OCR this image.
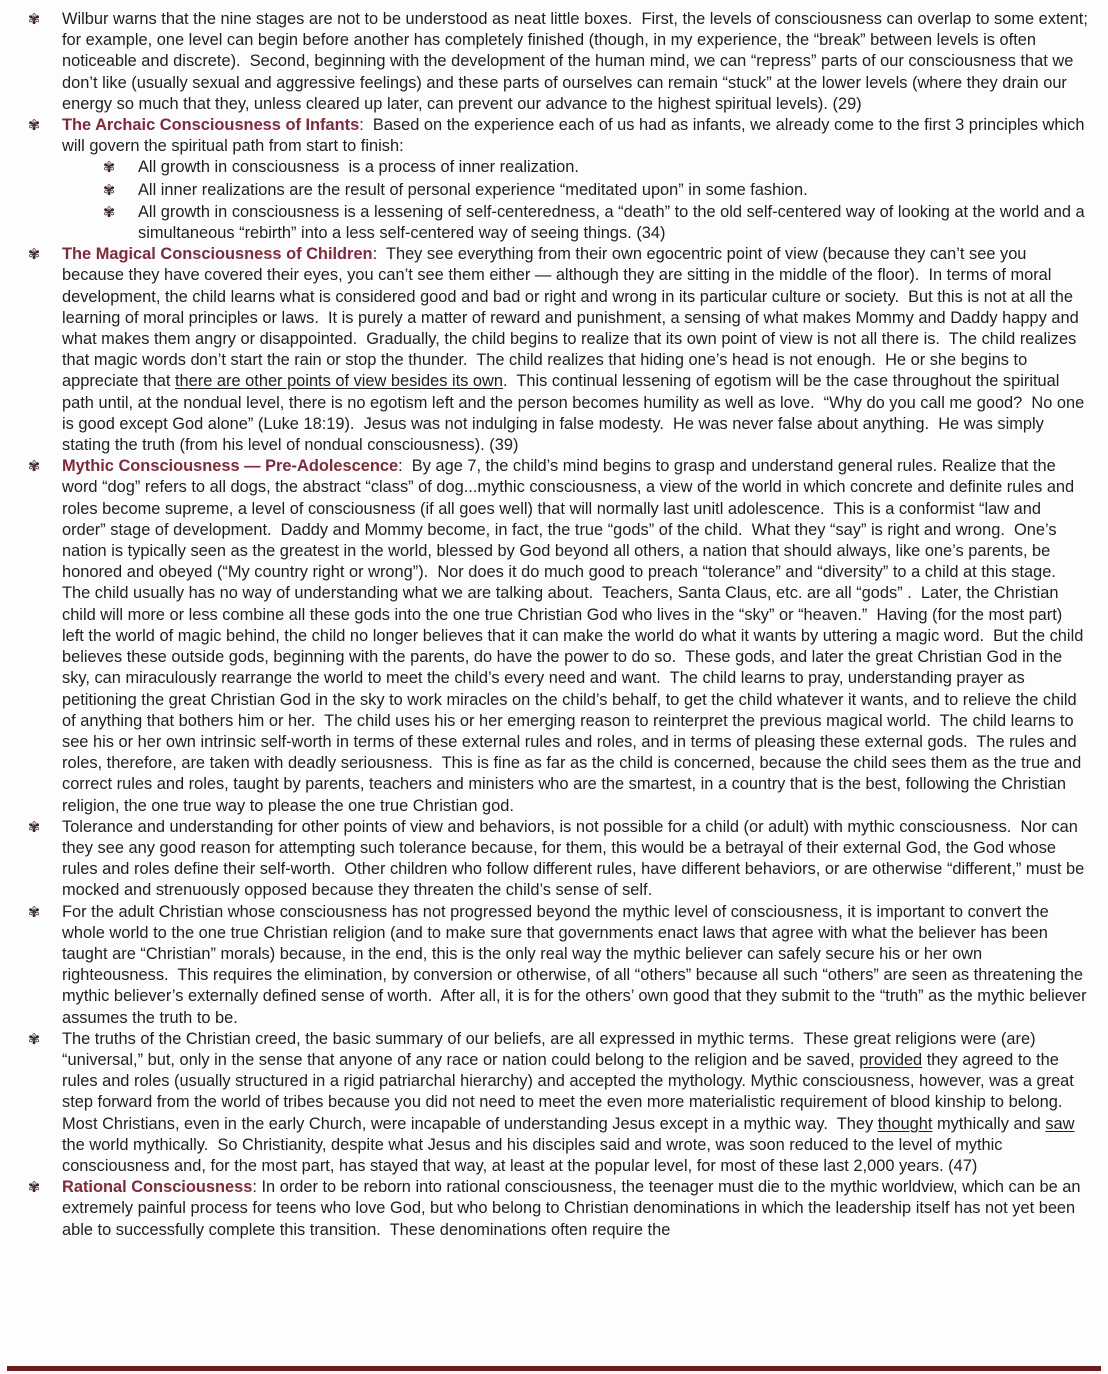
✾	Wilbur warns that the nine stages are not to be understood as neat little boxes.  First, the levels of consciousness can overlap to some extent; for example, one level can begin before another has completely finished (though, in my experience, the “break” between levels is often noticeable and discrete).  Second, beginning with the development of the human mind, we can “repress” parts of our consciousness that we don’t like (usually sexual and aggressive feelings) and these parts of ourselves can remain “stuck” at the lower levels (where they drain our energy so much that they, unless cleared up later, can prevent our advance to the highest spiritual levels). (29)
✾	The Archaic Consciousness of Infants:  Based on the experience each of us had as infants, we already come to the first 3 principles which will govern the spiritual path from start to finish:
✾	All growth in consciousness  is a process of inner realization.
✾	All inner realizations are the result of personal experience “meditated upon” in some fashion.
✾	All growth in consciousness is a lessening of self-centeredness, a “death” to the old self-centered way of looking at the world and a simultaneous “rebirth” into a less self-centered way of seeing things. (34)
✾	The Magical Consciousness of Children:  They see everything from their own egocentric point of view (because they can’t see you because they have covered their eyes, you can’t see them either — although they are sitting in the middle of the floor).  In terms of moral development, the child learns what is considered good and bad or right and wrong in its particular culture or society.  But this is not at all the learning of moral principles or laws.  It is purely a matter of reward and punishment, a sensing of what makes Mommy and Daddy happy and what makes them angry or disappointed.  Gradually, the child begins to realize that its own point of view is not all there is.  The child realizes that magic words don’t start the rain or stop the thunder.  The child realizes that hiding one’s head is not enough.  He or she begins to appreciate that there are other points of view besides its own.  This continual lessening of egotism will be the case throughout the spiritual path until, at the nondual level, there is no egotism left and the person becomes humility as well as love.  “Why do you call me good?  No one is good except God alone” (Luke 18:19).  Jesus was not indulging in false modesty.  He was never false about anything.  He was simply stating the truth (from his level of nondual consciousness). (39)
✾	Mythic Consciousness — Pre-Adolescence:  By age 7, the child’s mind begins to grasp and understand general rules. Realize that the word “dog” refers to all dogs, the abstract “class” of dog...mythic consciousness, a view of the world in which concrete and definite rules and roles become supreme, a level of consciousness (if all goes well) that will normally last unitl adolescence.  This is a conformist “law and order” stage of development.  Daddy and Mommy become, in fact, the true “gods” of the child.  What they “say” is right and wrong.  One’s nation is typically seen as the greatest in the world, blessed by God beyond all others, a nation that should always, like one’s parents, be honored and obeyed (“My country right or wrong”).  Nor does it do much good to preach “tolerance” and “diversity” to a child at this stage.  The child usually has no way of understanding what we are talking about.  Teachers, Santa Claus, etc. are all “gods” .  Later, the Christian child will more or less combine all these gods into the one true Christian God who lives in the “sky” or “heaven.”  Having (for the most part) left the world of magic behind, the child no longer believes that it can make the world do what it wants by uttering a magic word.  But the child believes these outside gods, beginning with the parents, do have the power to do so.  These gods, and later the great Christian God in the sky, can miraculously rearrange the world to meet the child’s every need and want.  The child learns to pray, understanding prayer as petitioning the great Christian God in the sky to work miracles on the child’s behalf, to get the child whatever it wants, and to relieve the child of anything that bothers him or her.  The child uses his or her emerging reason to reinterpret the previous magical world.  The child learns to see his or her own intrinsic self-worth in terms of these external rules and roles, and in terms of pleasing these external gods.  The rules and roles, therefore, are taken with deadly seriousness.  This is fine as far as the child is concerned, because the child sees them as the true and correct rules and roles, taught by parents, teachers and ministers who are the smartest, in a country that is the best, following the Christian religion, the one true way to please the one true Christian god.
✾	Tolerance and understanding for other points of view and behaviors, is not possible for a child (or adult) with mythic consciousness.  Nor can they see any good reason for attempting such tolerance because, for them, this would be a betrayal of their external God, the God whose rules and roles define their self-worth.  Other children who follow different rules, have different behaviors, or are otherwise “different,” must be mocked and strenuously opposed because they threaten the child’s sense of self.
✾	For the adult Christian whose consciousness has not progressed beyond the mythic level of consciousness, it is important to convert the whole world to the one true Christian religion (and to make sure that governments enact laws that agree with what the believer has been taught are “Christian” morals) because, in the end, this is the only real way the mythic believer can safely secure his or her own righteousness.  This requires the elimination, by conversion or otherwise, of all “others” because all such “others” are seen as threatening the mythic believer’s externally defined sense of worth.  After all, it is for the others’ own good that they submit to the “truth” as the mythic believer assumes the truth to be.
✾	The truths of the Christian creed, the basic summary of our beliefs, are all expressed in mythic terms.  These great religions were (are) “universal,” but, only in the sense that anyone of any race or nation could belong to the religion and be saved, provided they agreed to the rules and roles (usually structured in a rigid patriarchal hierarchy) and accepted the mythology. Mythic consciousness, however, was a great step forward from the world of tribes because you did not need to meet the even more materialistic requirement of blood kinship to belong.  Most Christians, even in the early Church, were incapable of understanding Jesus except in a mythic way.  They thought mythically and saw the world mythically.  So Christianity, despite what Jesus and his disciples said and wrote, was soon reduced to the level of mythic consciousness and, for the most part, has stayed that way, at least at the popular level, for most of these last 2,000 years. (47)
✾	Rational Consciousness: In order to be reborn into rational consciousness, the teenager must die to the mythic worldview, which can be an extremely painful process for teens who love God, but who belong to Christian denominations in which the leadership itself has not yet been able to successfully complete this transition.  These denominations often require the
